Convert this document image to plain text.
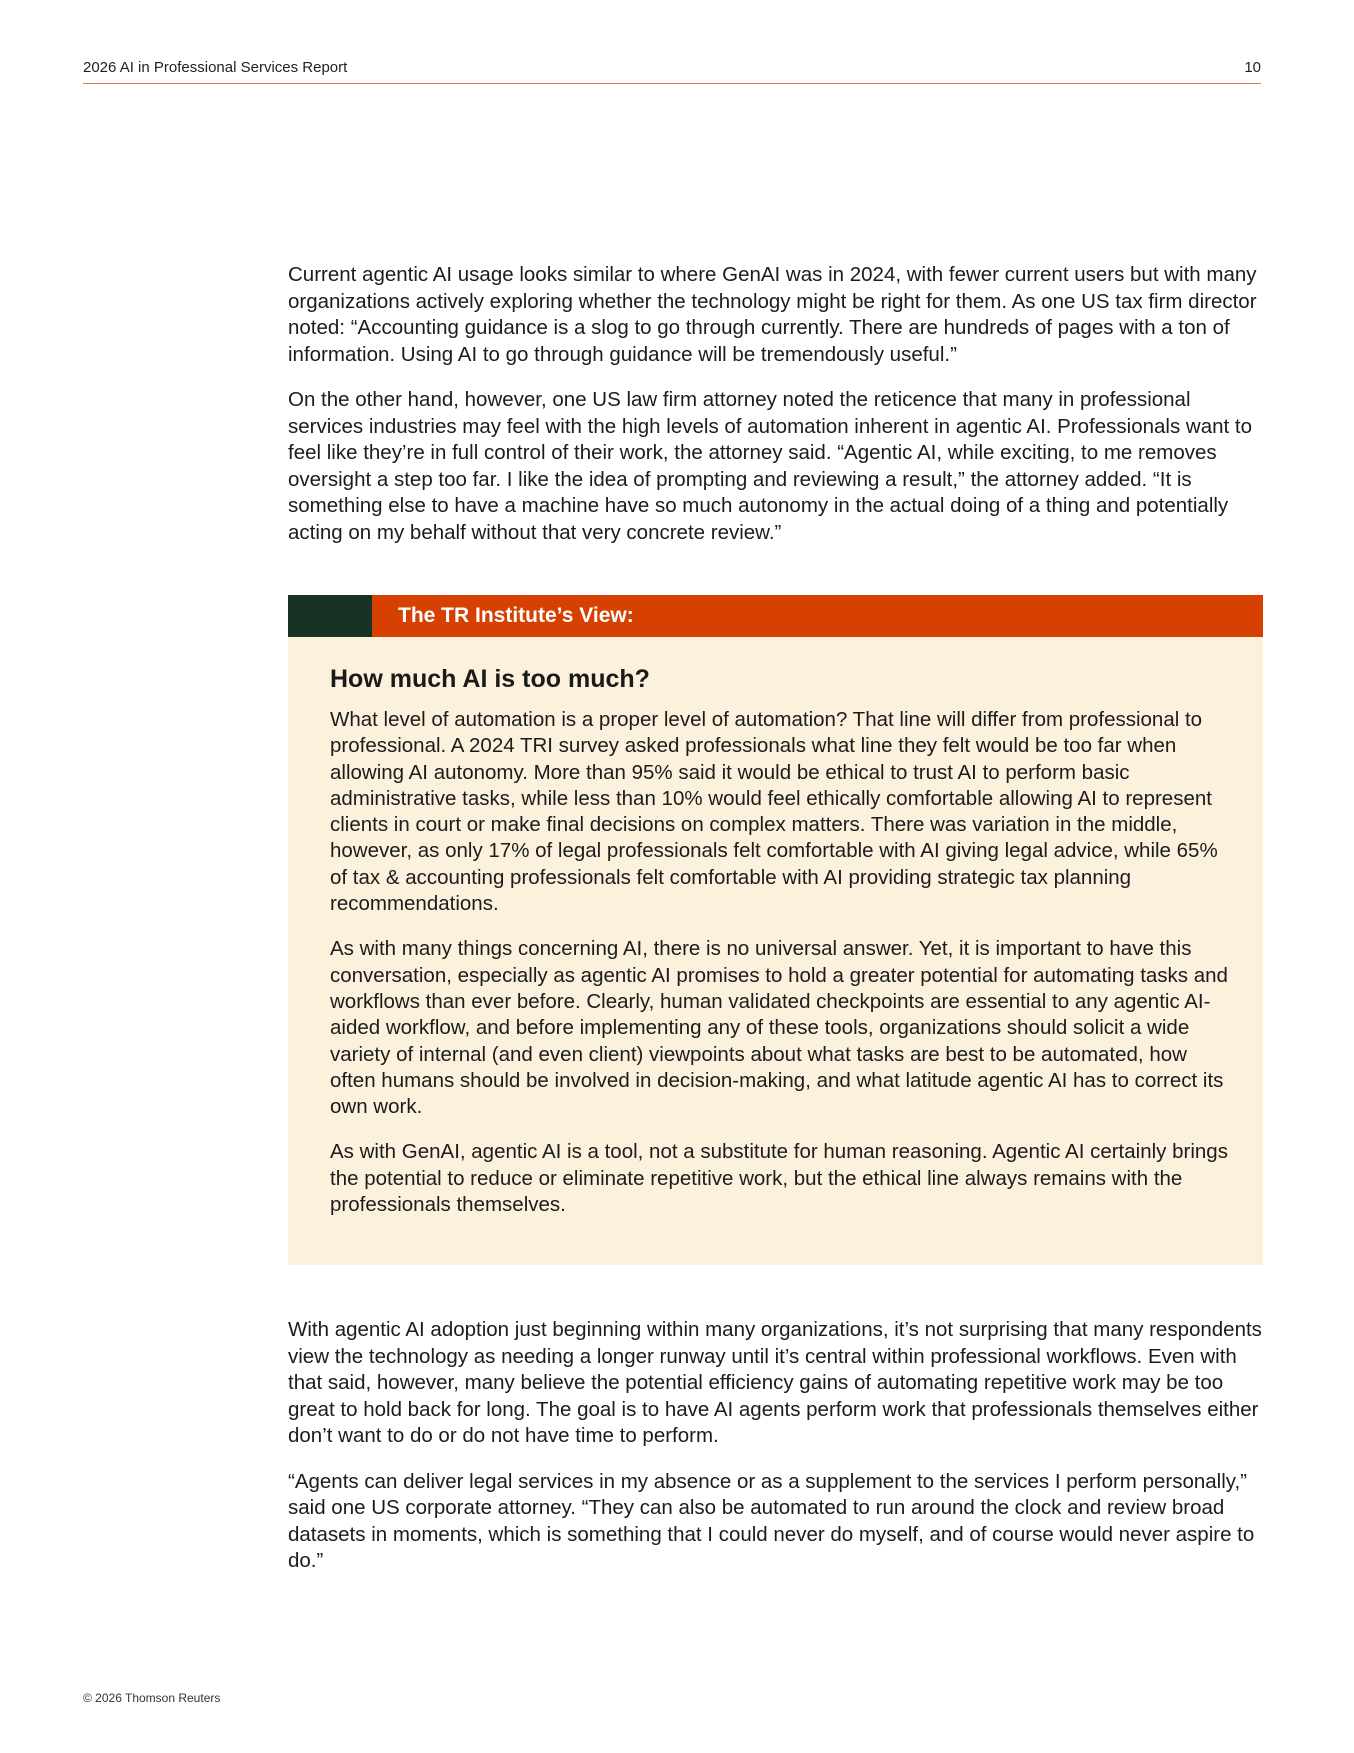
2026 AI in Professional Services Report	10

Current agentic AI usage looks similar to where GenAI was in 2024, with fewer current users but with many organizations actively exploring whether the technology might be right for them. As one US tax firm director noted: “Accounting guidance is a slog to go through currently. There are hundreds of pages with a ton of information. Using AI to go through guidance will be tremendously useful.”

On the other hand, however, one US law firm attorney noted the reticence that many in professional services industries may feel with the high levels of automation inherent in agentic AI. Professionals want to feel like they’re in full control of their work, the attorney said. “Agentic AI, while exciting, to me removes oversight a step too far. I like the idea of prompting and reviewing a result,” the attorney added. “It is something else to have a machine have so much autonomy in the actual doing of a thing and potentially acting on my behalf without that very concrete review.”

The TR Institute’s View:
How much AI is too much?

What level of automation is a proper level of automation? That line will differ from professional to professional. A 2024 TRI survey asked professionals what line they felt would be too far when allowing AI autonomy. More than 95% said it would be ethical to trust AI to perform basic administrative tasks, while less than 10% would feel ethically comfortable allowing AI to represent clients in court or make final decisions on complex matters. There was variation in the middle, however, as only 17% of legal professionals felt comfortable with AI giving legal advice, while 65% of tax & accounting professionals felt comfortable with AI providing strategic tax planning recommendations.

As with many things concerning AI, there is no universal answer. Yet, it is important to have this conversation, especially as agentic AI promises to hold a greater potential for automating tasks and workflows than ever before. Clearly, human validated checkpoints are essential to any agentic AI-aided workflow, and before implementing any of these tools, organizations should solicit a wide variety of internal (and even client) viewpoints about what tasks are best to be automated, how often humans should be involved in decision-making, and what latitude agentic AI has to correct its own work.

As with GenAI, agentic AI is a tool, not a substitute for human reasoning. Agentic AI certainly brings the potential to reduce or eliminate repetitive work, but the ethical line always remains with the professionals themselves.

With agentic AI adoption just beginning within many organizations, it’s not surprising that many respondents view the technology as needing a longer runway until it’s central within professional workflows. Even with that said, however, many believe the potential efficiency gains of automating repetitive work may be too great to hold back for long. The goal is to have AI agents perform work that professionals themselves either don’t want to do or do not have time to perform.

“Agents can deliver legal services in my absence or as a supplement to the services I perform personally,” said one US corporate attorney. “They can also be automated to run around the clock and review broad datasets in moments, which is something that I could never do myself, and of course would never aspire to do.”

© 2026 Thomson Reuters
